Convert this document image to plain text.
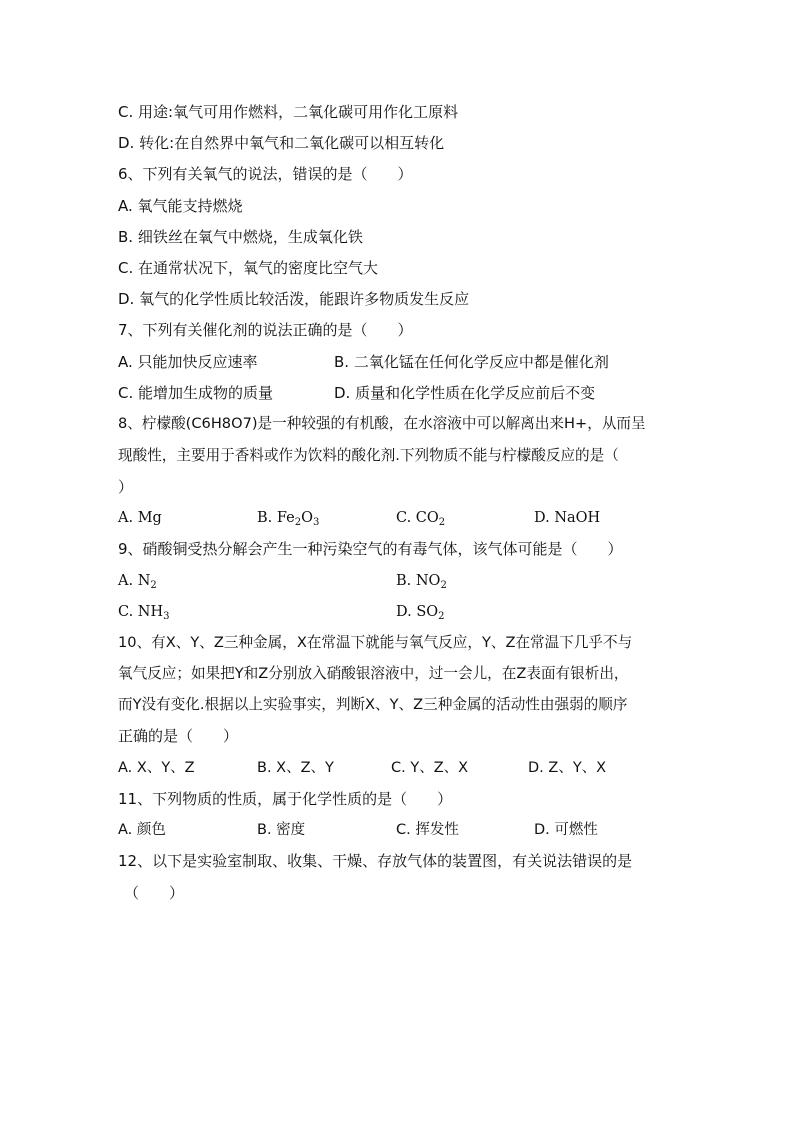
C. 用途:氧气可用作燃料，二氧化碳可用作化工原料
D. 转化:在自然界中氧气和二氧化碳可以相互转化
6、下列有关氧气的说法，错误的是（　　）
A. 氧气能支持燃烧
B. 细铁丝在氧气中燃烧，生成氧化铁
C. 在通常状况下，氧气的密度比空气大
D. 氧气的化学性质比较活泼，能跟许多物质发生反应
7、下列有关催化剂的说法正确的是（　　）
A. 只能加快反应速率	B. 二氧化锰在任何化学反应中都是催化剂
C. 能增加生成物的质量	D. 质量和化学性质在化学反应前后不变
8、柠檬酸(C6H8O7)是一种较强的有机酸，在水溶液中可以解离出来H+，从而呈
现酸性，主要用于香料或作为饮料的酸化剂.下列物质不能与柠檬酸反应的是（
）
A. Mg	B. $Fe_2O_3$	C. $CO_2$	D. NaOH
9、硝酸铜受热分解会产生一种污染空气的有毒气体，该气体可能是（　　）
A. $N_2$	B. $NO_2$
C. $NH_3$	D. $SO_2$
10、有X、Y、Z三种金属，X在常温下就能与氧气反应，Y、Z在常温下几乎不与
氧气反应；如果把Y和Z分别放入硝酸银溶液中，过一会儿，在Z表面有银析出，
而Y没有变化.根据以上实验事实，判断X、Y、Z三种金属的活动性由强弱的顺序
正确的是（　　）
A. X、Y、Z	B. X、Z、Y	C. Y、Z、X	D. Z、Y、X
11、下列物质的性质，属于化学性质的是（　　）
A. 颜色	B. 密度	C. 挥发性	D. 可燃性
12、以下是实验室制取、收集、干燥、存放气体的装置图，有关说法错误的是
（　　）
